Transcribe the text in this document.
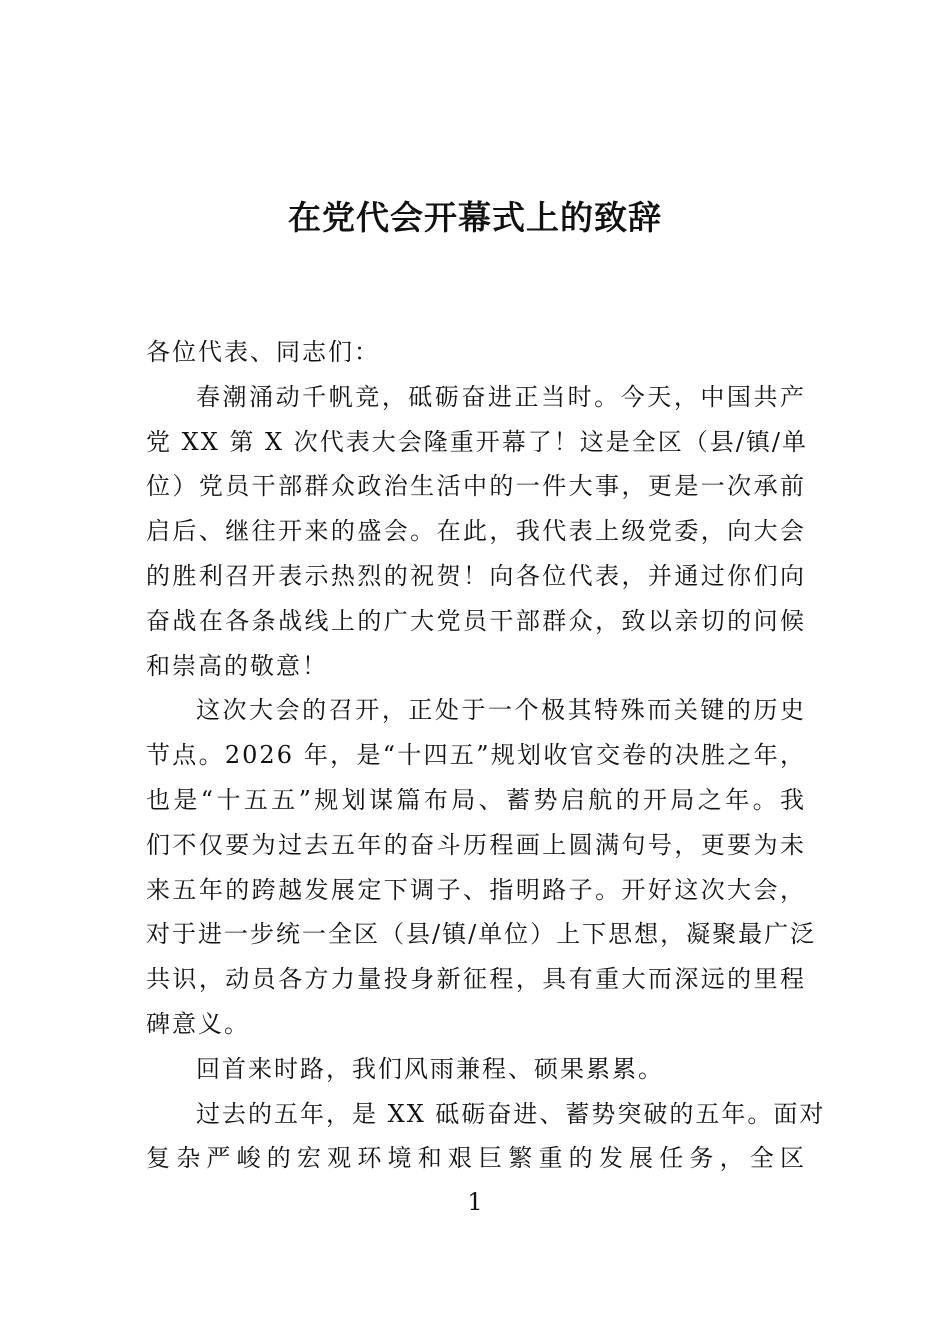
在党代会开幕式上的致辞
各位代表、同志们：
春潮涌动千帆竞，砥砺奋进正当时。今天，中国共产
党 XX 第 X 次代表大会隆重开幕了！这是全区（县/镇/单
位）党员干部群众政治生活中的一件大事，更是一次承前
启后、继往开来的盛会。在此，我代表上级党委，向大会
的胜利召开表示热烈的祝贺！向各位代表，并通过你们向
奋战在各条战线上的广大党员干部群众，致以亲切的问候
和崇高的敬意！
这次大会的召开，正处于一个极其特殊而关键的历史
节点。2026 年，是“十四五”规划收官交卷的决胜之年，
也是“十五五”规划谋篇布局、蓄势启航的开局之年。我
们不仅要为过去五年的奋斗历程画上圆满句号，更要为未
来五年的跨越发展定下调子、指明路子。开好这次大会，
对于进一步统一全区（县/镇/单位）上下思想，凝聚最广泛
共识，动员各方力量投身新征程，具有重大而深远的里程
碑意义。
回首来时路，我们风雨兼程、硕果累累。
过去的五年，是 XX 砥砺奋进、蓄势突破的五年。面对
复杂严峻的宏观环境和艰巨繁重的发展任务，全区
1
